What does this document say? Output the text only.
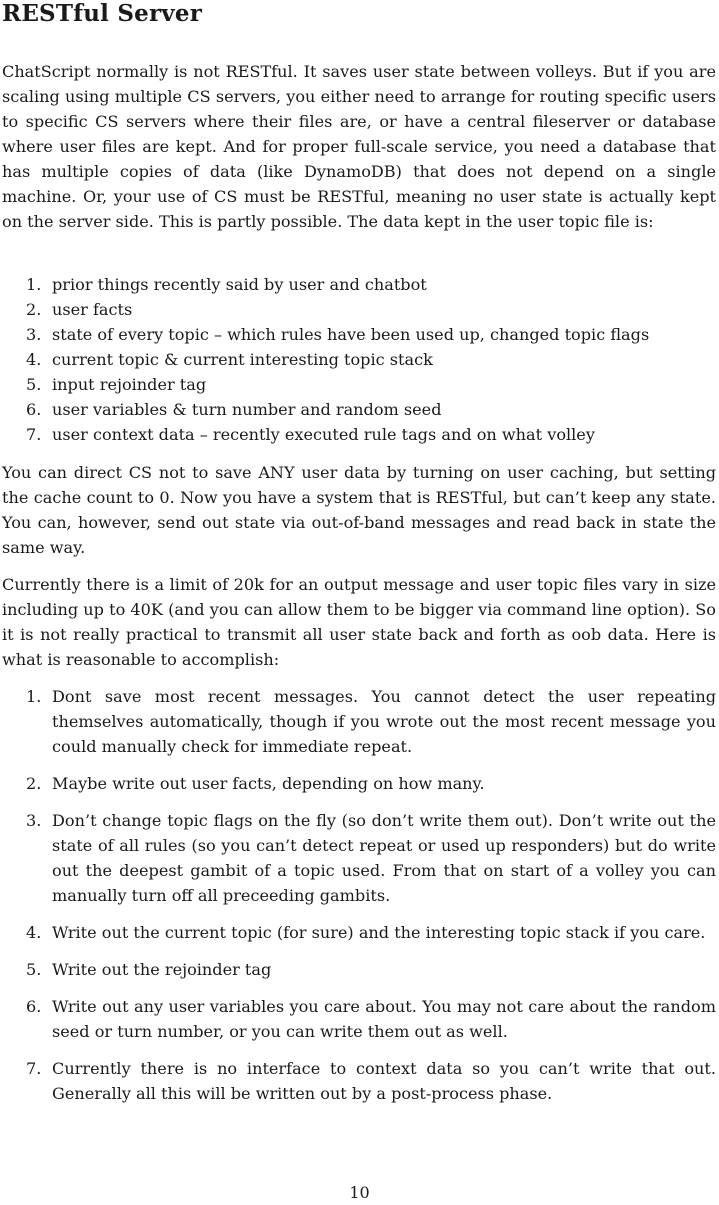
RESTful Server

ChatScript normally is not RESTful. It saves user state between volleys. But if you are scaling using multiple CS servers, you either need to arrange for routing specific users to specific CS servers where their files are, or have a central fileserver or database where user files are kept. And for proper full-scale service, you need a database that has multiple copies of data (like DynamoDB) that does not depend on a single machine. Or, your use of CS must be RESTful, meaning no user state is actually kept on the server side. This is partly possible. The data kept in the user topic file is:

1. prior things recently said by user and chatbot
2. user facts
3. state of every topic – which rules have been used up, changed topic flags
4. current topic & current interesting topic stack
5. input rejoinder tag
6. user variables & turn number and random seed
7. user context data – recently executed rule tags and on what volley

You can direct CS not to save ANY user data by turning on user caching, but setting the cache count to 0. Now you have a system that is RESTful, but can’t keep any state. You can, however, send out state via out-of-band messages and read back in state the same way.

Currently there is a limit of 20k for an output message and user topic files vary in size including up to 40K (and you can allow them to be bigger via command line option). So it is not really practical to transmit all user state back and forth as oob data. Here is what is reasonable to accomplish:

1. Dont save most recent messages. You cannot detect the user repeating themselves automatically, though if you wrote out the most recent message you could manually check for immediate repeat.
2. Maybe write out user facts, depending on how many.
3. Don’t change topic flags on the fly (so don’t write them out). Don’t write out the state of all rules (so you can’t detect repeat or used up responders) but do write out the deepest gambit of a topic used. From that on start of a volley you can manually turn off all preceeding gambits.
4. Write out the current topic (for sure) and the interesting topic stack if you care.
5. Write out the rejoinder tag
6. Write out any user variables you care about. You may not care about the random seed or turn number, or you can write them out as well.
7. Currently there is no interface to context data so you can’t write that out. Generally all this will be written out by a post-process phase.
10
